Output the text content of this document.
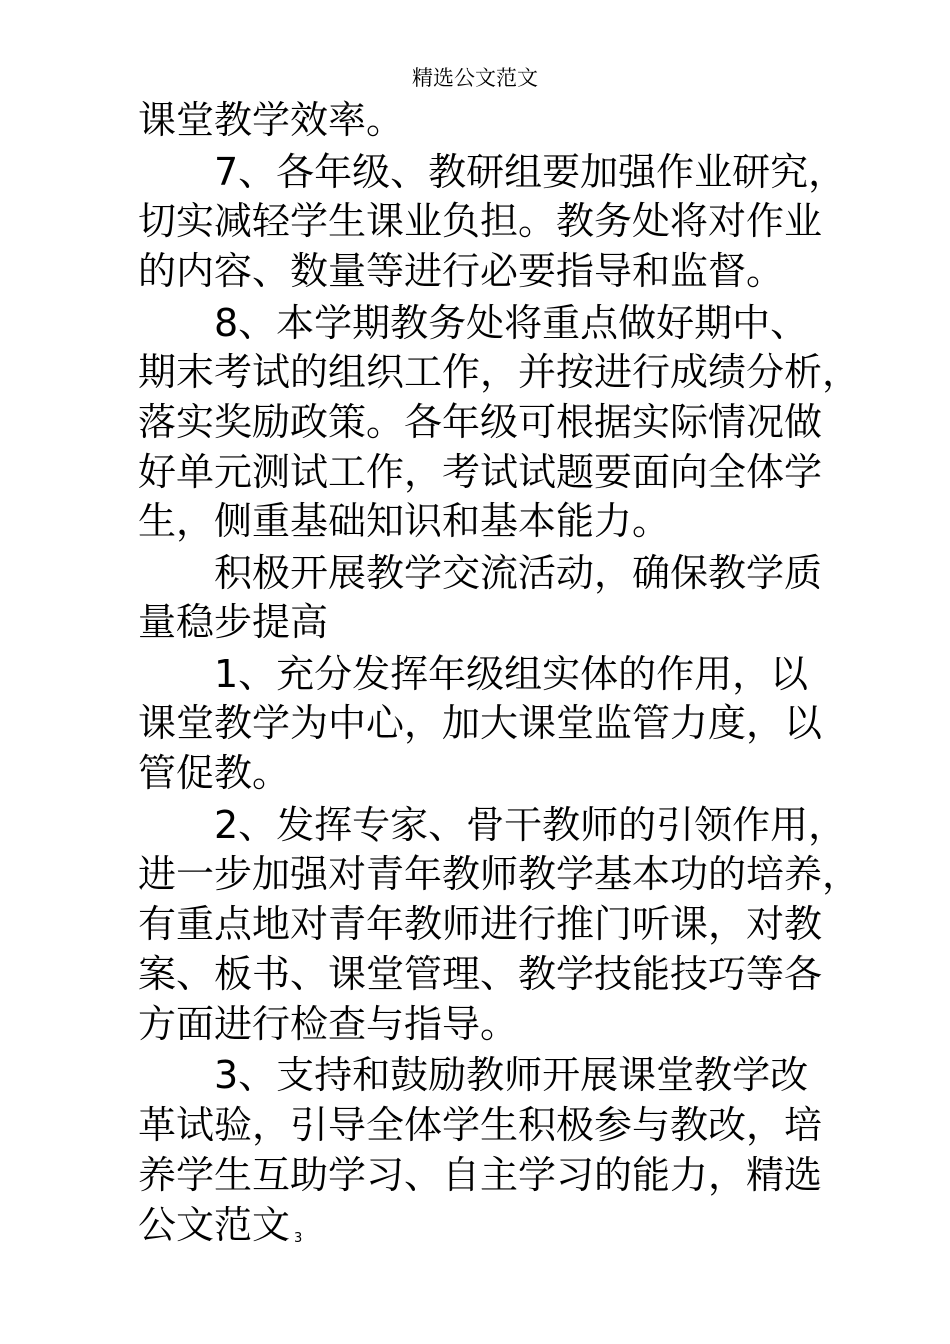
精选公文范文
课堂教学效率。
7、各年级、教研组要加强作业研究，
切实减轻学生课业负担。教务处将对作业
的内容、数量等进行必要指导和监督。
8、本学期教务处将重点做好期中、
期末考试的组织工作，并按进行成绩分析，
落实奖励政策。各年级可根据实际情况做
好单元测试工作，考试试题要面向全体学
生，侧重基础知识和基本能力。
积极开展教学交流活动，确保教学质
量稳步提高
1、充分发挥年级组实体的作用，以
课堂教学为中心，加大课堂监管力度，以
管促教。
2、发挥专家、骨干教师的引领作用，
进一步加强对青年教师教学基本功的培养，
有重点地对青年教师进行推门听课，对教
案、板书、课堂管理、教学技能技巧等各
方面进行检查与指导。
3、支持和鼓励教师开展课堂教学改
革试验，引导全体学生积极参与教改，培
养学生互助学习、自主学习的能力，精选
公文范文 3
